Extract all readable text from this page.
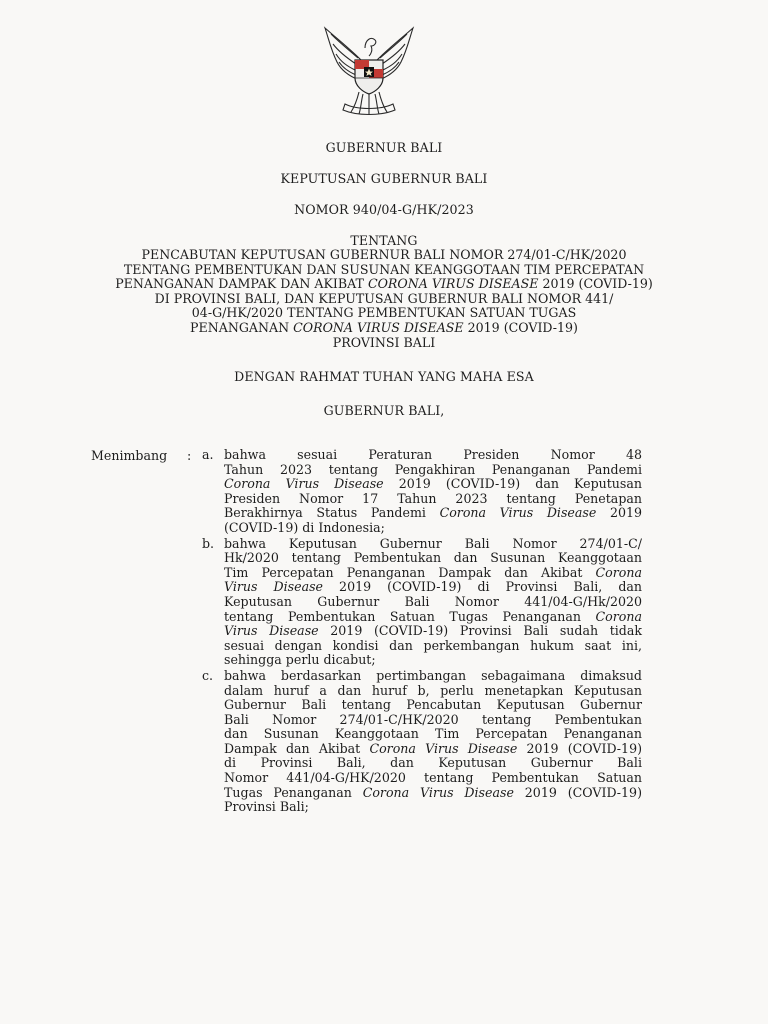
GUBERNUR BALI
KEPUTUSAN GUBERNUR BALI
NOMOR 940/04-G/HK/2023
TENTANG
PENCABUTAN KEPUTUSAN GUBERNUR BALI NOMOR 274/01-C/HK/2020
TENTANG PEMBENTUKAN DAN SUSUNAN KEANGGOTAAN TIM PERCEPATAN
PENANGANAN DAMPAK DAN AKIBAT CORONA VIRUS DISEASE 2019 (COVID-19)
DI PROVINSI BALI, DAN KEPUTUSAN GUBERNUR BALI NOMOR 441/
04-G/HK/2020 TENTANG PEMBENTUKAN SATUAN TUGAS
PENANGANAN CORONA VIRUS DISEASE 2019 (COVID-19)
PROVINSI BALI
DENGAN RAHMAT TUHAN YANG MAHA ESA
GUBERNUR BALI,
Menimbang : a. bahwa sesuai Peraturan Presiden Nomor 48
Tahun 2023 tentang Pengakhiran Penanganan Pandemi
Corona Virus Disease 2019 (COVID-19) dan Keputusan
Presiden Nomor 17 Tahun 2023 tentang Penetapan
Berakhirnya Status Pandemi Corona Virus Disease 2019
(COVID-19) di Indonesia;
b. bahwa Keputusan Gubernur Bali Nomor 274/01-C/
Hk/2020 tentang Pembentukan dan Susunan Keanggotaan
Tim Percepatan Penanganan Dampak dan Akibat Corona
Virus Disease 2019 (COVID-19) di Provinsi Bali, dan
Keputusan Gubernur Bali Nomor 441/04-G/Hk/2020
tentang Pembentukan Satuan Tugas Penanganan Corona
Virus Disease 2019 (COVID-19) Provinsi Bali sudah tidak
sesuai dengan kondisi dan perkembangan hukum saat ini,
sehingga perlu dicabut;
c. bahwa berdasarkan pertimbangan sebagaimana dimaksud
dalam huruf a dan huruf b, perlu menetapkan Keputusan
Gubernur Bali tentang Pencabutan Keputusan Gubernur
Bali Nomor 274/01-C/HK/2020 tentang Pembentukan
dan Susunan Keanggotaan Tim Percepatan Penanganan
Dampak dan Akibat Corona Virus Disease 2019 (COVID-19)
di Provinsi Bali, dan Keputusan Gubernur Bali
Nomor 441/04-G/HK/2020 tentang Pembentukan Satuan
Tugas Penanganan Corona Virus Disease 2019 (COVID-19)
Provinsi Bali;
